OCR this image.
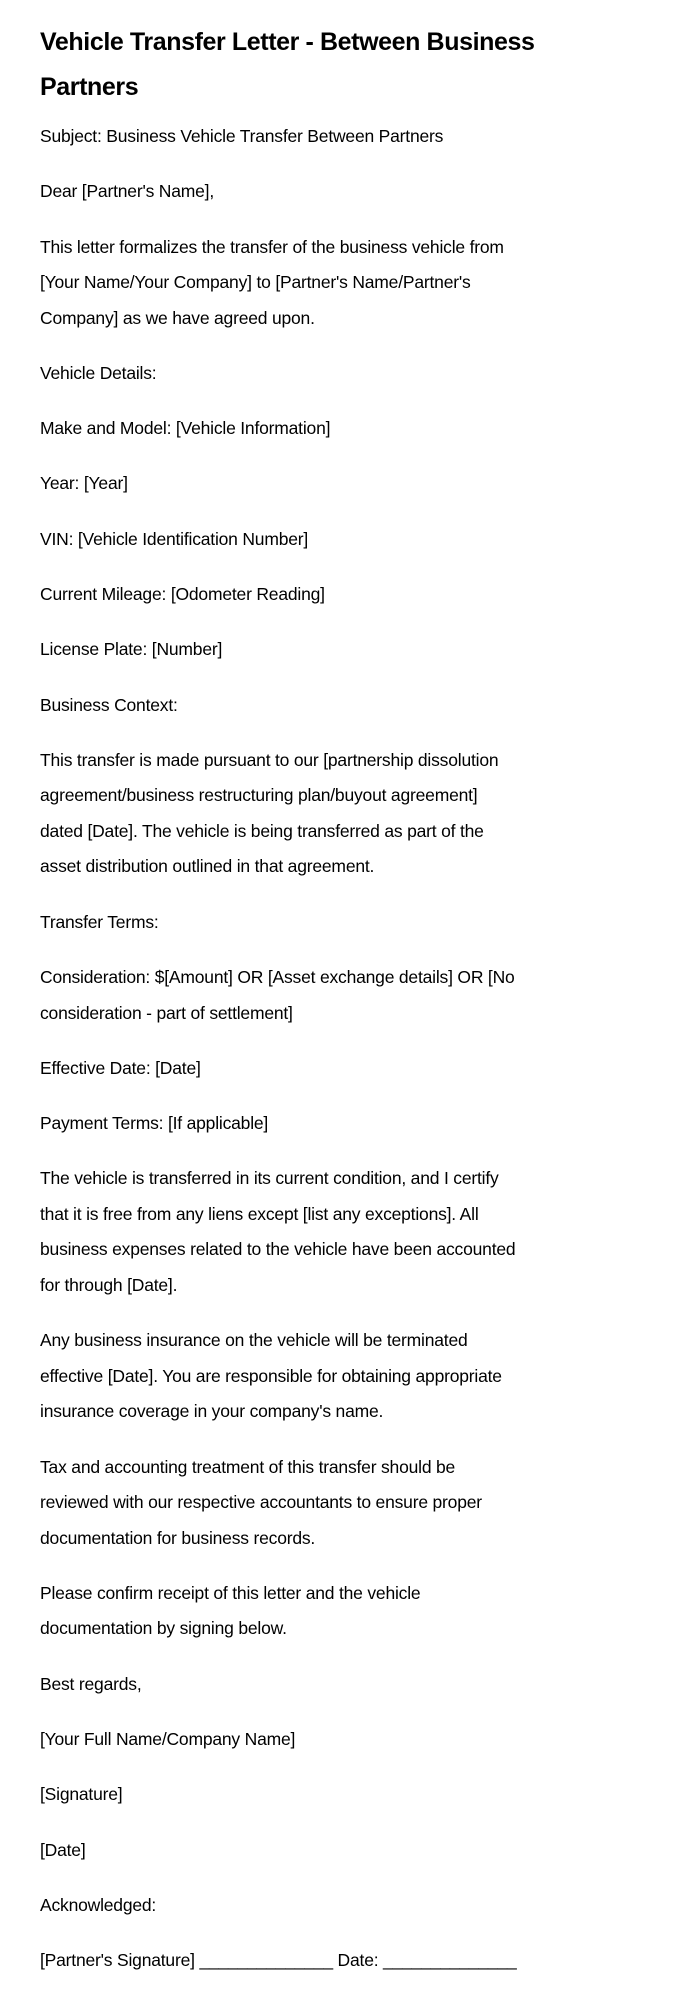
Vehicle Transfer Letter - Between Business
Partners

Subject: Business Vehicle Transfer Between Partners

Dear [Partner's Name],

This letter formalizes the transfer of the business vehicle from
[Your Name/Your Company] to [Partner's Name/Partner's
Company] as we have agreed upon.

Vehicle Details:

Make and Model: [Vehicle Information]

Year: [Year]

VIN: [Vehicle Identification Number]

Current Mileage: [Odometer Reading]

License Plate: [Number]

Business Context:

This transfer is made pursuant to our [partnership dissolution
agreement/business restructuring plan/buyout agreement]
dated [Date]. The vehicle is being transferred as part of the
asset distribution outlined in that agreement.

Transfer Terms:

Consideration: $[Amount] OR [Asset exchange details] OR [No
consideration - part of settlement]

Effective Date: [Date]

Payment Terms: [If applicable]

The vehicle is transferred in its current condition, and I certify
that it is free from any liens except [list any exceptions]. All
business expenses related to the vehicle have been accounted
for through [Date].

Any business insurance on the vehicle will be terminated
effective [Date]. You are responsible for obtaining appropriate
insurance coverage in your company's name.

Tax and accounting treatment of this transfer should be
reviewed with our respective accountants to ensure proper
documentation for business records.

Please confirm receipt of this letter and the vehicle
documentation by signing below.

Best regards,

[Your Full Name/Company Name]

[Signature]

[Date]

Acknowledged:

[Partner's Signature] ______________ Date: ______________
